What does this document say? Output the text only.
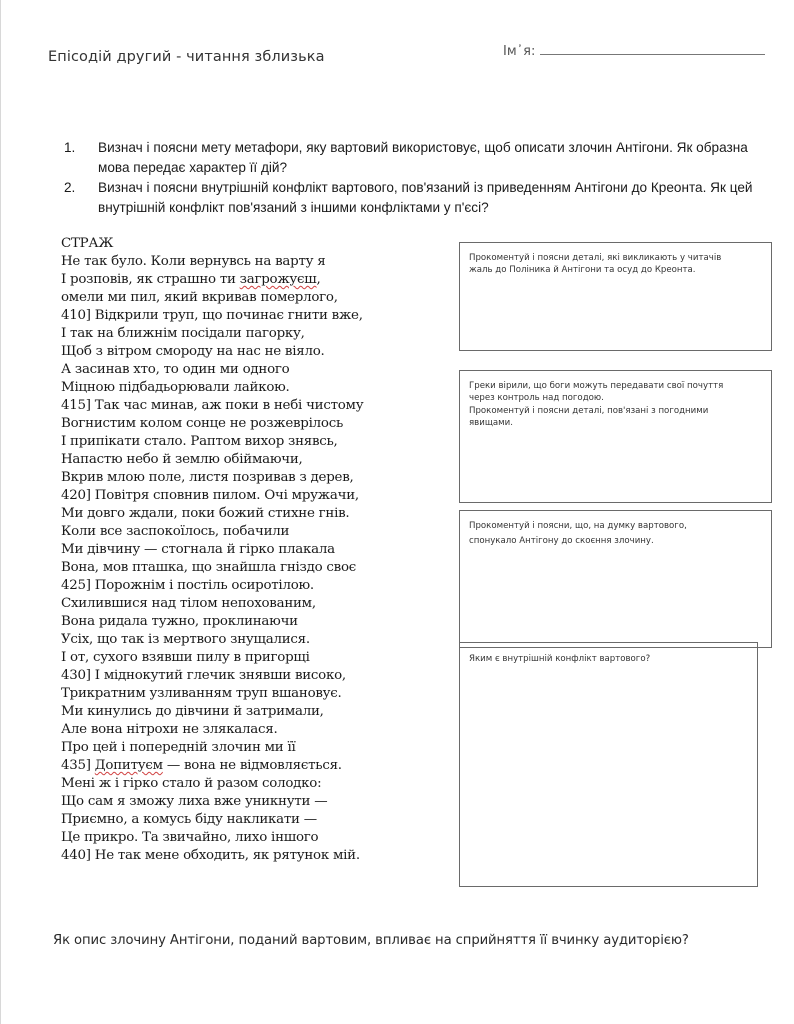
Епісодій другий - читання зблизька	Ім᾽я:
1.	Визнач і поясни мету метафори, яку вартовий використовує, щоб описати злочин Антігони. Як образна мова передає характер її дій?
2.	Визнач і поясни внутрішній конфлікт вартового, пов'язаний із приведенням Антігони до Креонта. Як цей внутрішній конфлікт пов'язаний з іншими конфліктами у п'єсі?
СТРАЖ
Не так було. Коли вернувсь на варту я
І розповів, як страшно ти загрожуєш,
омели ми пил, який вкривав померлого,
410] Відкрили труп, що починає гнити вже,
І так на ближнім посідали пагорку,
Щоб з вітром смороду на нас не віяло.
А засинав хто, то один ми одного
Міцною підбадьорювали лайкою.
415] Так час минав, аж поки в небі чистому
Вогнистим колом сонце не розжеврілось
І припікати стало. Раптом вихор знявсь,
Напастю небо й землю обіймаючи,
Вкрив млою поле, листя позривав з дерев,
420] Повітря сповнив пилом. Очі мружачи,
Ми довго ждали, поки божий стихне гнів.
Коли все заспокоїлось, побачили
Ми дівчину — стогнала й гірко плакала
Вона, мов пташка, що знайшла гніздо своє
425] Порожнім і постіль осиротілою.
Схилившися над тілом непохованим,
Вона ридала тужно, проклинаючи
Усіх, що так із мертвого знущалися.
І от, сухого взявши пилу в пригорщі
430] І міднокутий глечик знявши високо,
Трикратним узливанням труп вшановує.
Ми кинулись до дівчини й затримали,
Але вона нітрохи не злякалася.
Про цей і попередній злочин ми її
435] Допитуєм — вона не відмовляється.
Мені ж і гірко стало й разом солодко:
Що сам я зможу лиха вже уникнути —
Приємно, а комусь біду накликати —
Це прикро. Та звичайно, лихо іншого
440] Не так мене обходить, як рятунок мій.
Прокоментуй і поясни деталі, які викликають у читачів
жаль до Поліника й Антігони та осуд до Креонта.
Греки вірили, що боги можуть передавати свої почуття
через контроль над погодою.
Прокоментуй і поясни деталі, пов'язані з погодними
явищами.
Прокоментуй і поясни, що, на думку вартового,
спонукало Антігону до скоєння злочину.
Яким є внутрішній конфлікт вартового?
Як опис злочину Антігони, поданий вартовим, впливає на сприйняття її вчинку аудиторією?
